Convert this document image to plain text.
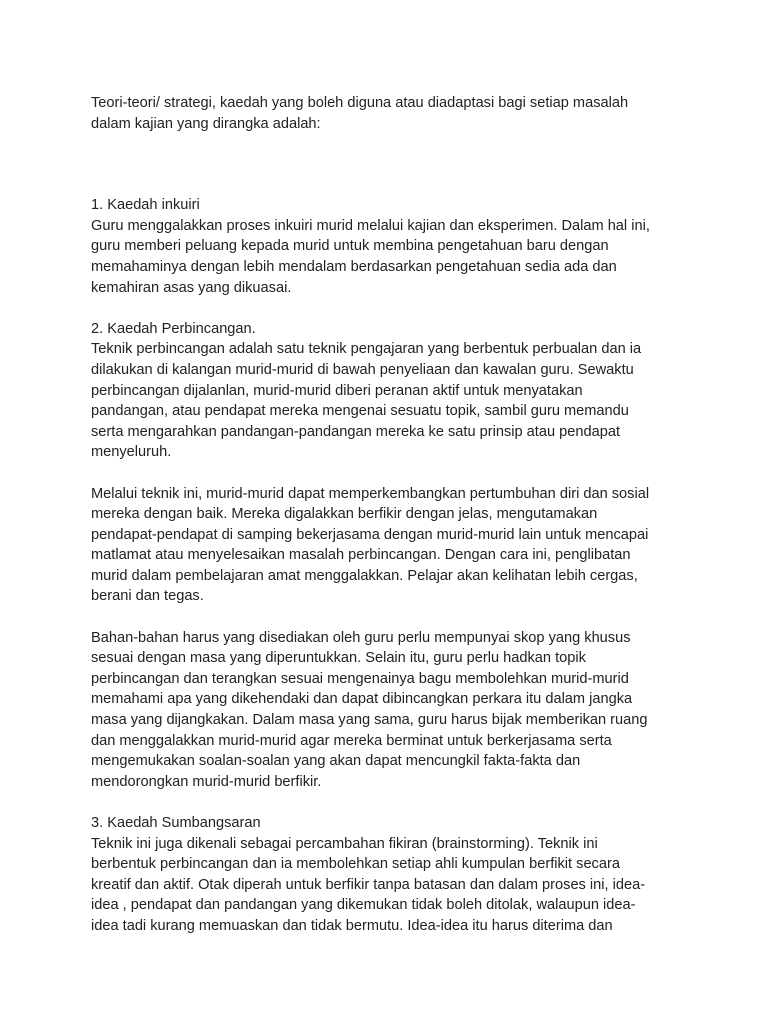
Teori-teori/ strategi, kaedah yang boleh diguna atau diadaptasi bagi setiap masalah
dalam kajian yang dirangka adalah:

1. Kaedah inkuiri

Guru menggalakkan proses inkuiri murid melalui kajian dan eksperimen. Dalam hal ini,
guru memberi peluang kepada murid untuk membina pengetahuan baru dengan
memahaminya dengan lebih mendalam berdasarkan pengetahuan sedia ada dan
kemahiran asas yang dikuasai.

2. Kaedah Perbincangan.

Teknik perbincangan adalah satu teknik pengajaran yang berbentuk perbualan dan ia
dilakukan di kalangan murid-murid di bawah penyeliaan dan kawalan guru. Sewaktu
perbincangan dijalanlan, murid-murid diberi peranan aktif untuk menyatakan
pandangan, atau pendapat mereka mengenai sesuatu topik, sambil guru memandu
serta mengarahkan pandangan-pandangan mereka ke satu prinsip atau pendapat
menyeluruh.

Melalui teknik ini, murid-murid dapat memperkembangkan pertumbuhan diri dan sosial
mereka dengan baik. Mereka digalakkan berfikir dengan jelas, mengutamakan
pendapat-pendapat di samping bekerjasama dengan murid-murid lain untuk mencapai
matlamat atau menyelesaikan masalah perbincangan. Dengan cara ini, penglibatan
murid dalam pembelajaran amat menggalakkan. Pelajar akan kelihatan lebih cergas,
berani dan tegas.

Bahan-bahan harus yang disediakan oleh guru perlu mempunyai skop yang khusus
sesuai dengan masa yang diperuntukkan. Selain itu, guru perlu hadkan topik
perbincangan dan terangkan sesuai mengenainya bagu membolehkan murid-murid
memahami apa yang dikehendaki dan dapat dibincangkan perkara itu dalam jangka
masa yang dijangkakan. Dalam masa yang sama, guru harus bijak memberikan ruang
dan menggalakkan murid-murid agar mereka berminat untuk berkerjasama serta
mengemukakan soalan-soalan yang akan dapat mencungkil fakta-fakta dan
mendorongkan murid-murid berfikir.

3. Kaedah Sumbangsaran

Teknik ini juga dikenali sebagai percambahan fikiran (brainstorming). Teknik ini
berbentuk perbincangan dan ia membolehkan setiap ahli kumpulan berfikit secara
kreatif dan aktif. Otak diperah untuk berfikir tanpa batasan dan dalam proses ini, idea-
idea , pendapat dan pandangan yang dikemukan tidak boleh ditolak, walaupun idea-
idea tadi kurang memuaskan dan tidak bermutu. Idea-idea itu harus diterima dan
